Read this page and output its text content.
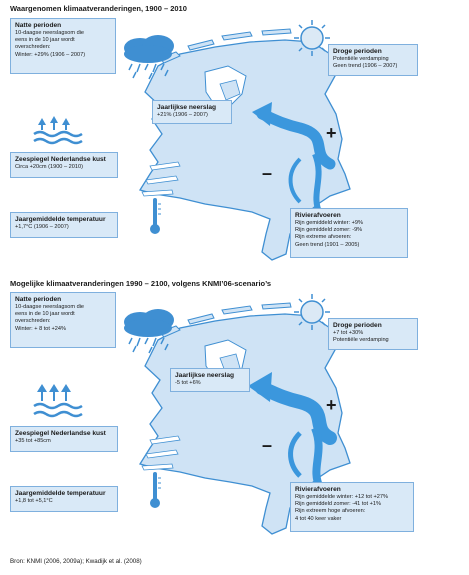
Waargenomen klimaatveranderingen, 1900 – 2010
Mogelijke klimaatveranderingen 1990 – 2100, volgens KNMI’06-scenario’s
+
–
Natte perioden
10-daagse neerslagsom die
eens in de 10 jaar wordt
overschreden:
Winter: +29% (1906 – 2007)	Droge perioden
Potentiële verdamping
Geen trend (1906 – 2007)
Jaarlijkse neerslag
+21% (1906 – 2007)
Zeespiegel Nederlandse kust
Circa +20cm (1900 – 2010)
Jaargemiddelde temperatuur
+1,7°C (1906 – 2007)
Rivierafvoeren
Rijn gemiddeld winter: +9%
Rijn gemiddeld zomer: -9%
Rijn extreme afvoeren:
Geen trend (1901 – 2005)
+
–
Natte perioden
10-daagse neerslagsom die
eens in de 10 jaar wordt
overschreden:
Winter: + 8 tot +24%	Droge perioden
+7 tot +30%
Potentiële verdamping
Jaarlijkse neerslag
-5 tot +6%
Zeespiegel Nederlandse kust
+35 tot +85cm
Jaargemiddelde temperatuur
+1,8 tot +5,1°C
Rivierafvoeren
Rijn gemiddelde winter: +12 tot +27%
Rijn gemiddeld zomer: -41 tot +1%
Rijn extreem hoge afvoeren:
4 tot 40 keer vaker
Bron: KNMI (2006, 2009a); Kwadijk et al. (2008)
